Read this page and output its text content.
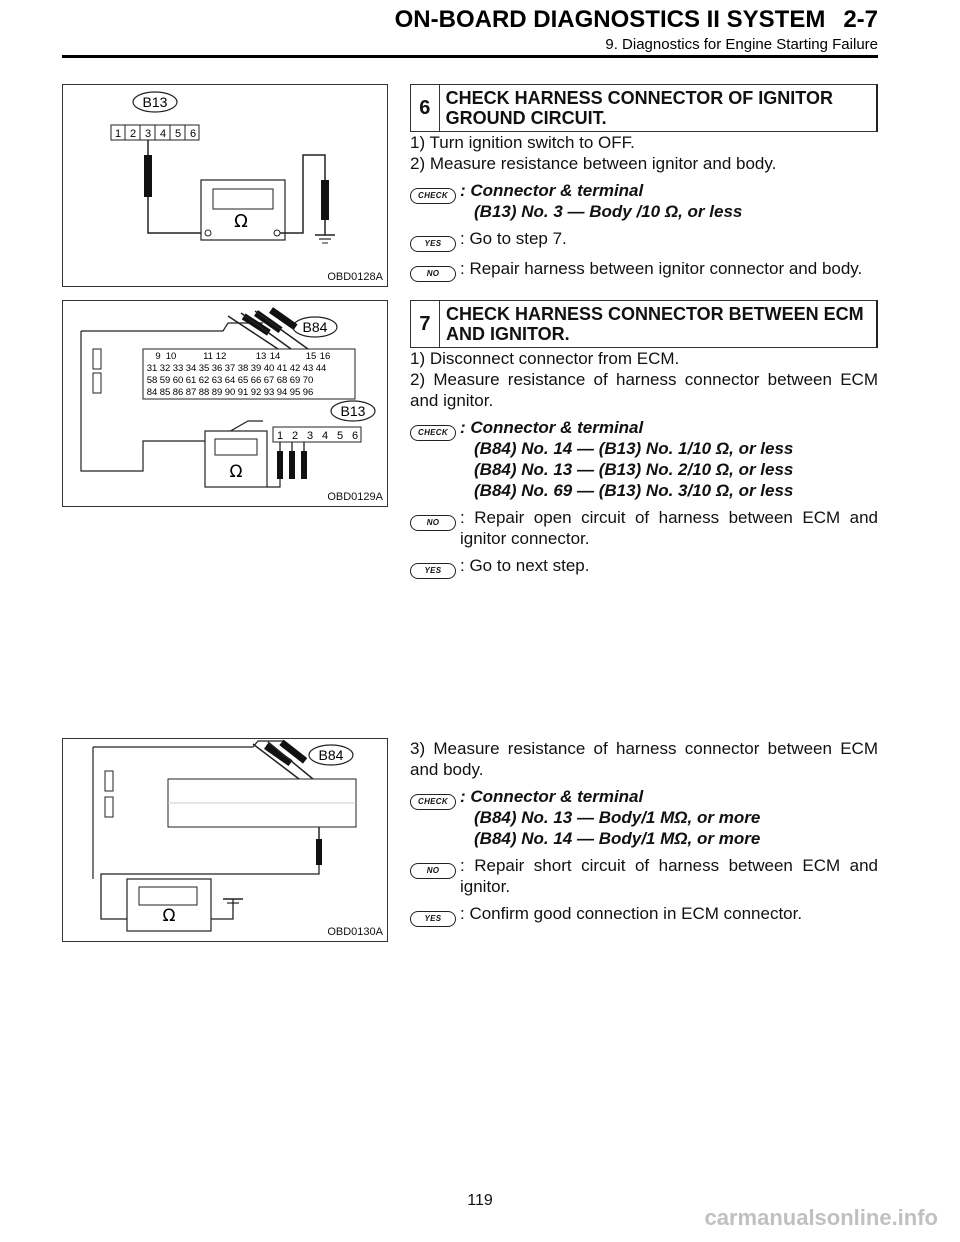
ON-BOARD DIAGNOSTICS II SYSTEM 2-7
9. Diagnostics for Engine Starting Failure
B13
1 2 3 4 5 6
Ω
OBD0128A
9 10	11 12	13 14	15 16
31 32 33 34 35 36 37 38 39 40 41 42 43 44
58 59 60 61 62 63 64 65 66 67 68 69 70
84 85 86 87 88 89 90 91 92 93 94 95 96
B84
B13
1 2 3 4 5 6
Ω
OBD0129A
B84
Ω
OBD0130A
6 CHECK HARNESS CONNECTOR OF IGNITOR GROUND CIRCUIT.

1) Turn ignition switch to OFF.

2) Measure resistance between ignitor and body.

CHECK : Connector & terminal
(B13) No. 3 — Body /10 Ω, or less
YES	: Go to step 7.
NO	: Repair harness between ignitor connector and body.
7 CHECK HARNESS CONNECTOR BETWEEN ECM AND IGNITOR.

1) Disconnect connector from ECM.

2) Measure resistance of harness connector between ECM and ignitor.

CHECK : Connector & terminal
(B84) No. 14 — (B13) No. 1/10 Ω, or less
(B84) No. 13 — (B13) No. 2/10 Ω, or less
(B84) No. 69 — (B13) No. 3/10 Ω, or less
NO	: Repair open circuit of harness between ECM and ignitor connector.
YES	: Go to next step.

3) Measure resistance of harness connector between ECM and body.

CHECK : Connector & terminal
(B84) No. 13 — Body/1 MΩ, or more
(B84) No. 14 — Body/1 MΩ, or more
NO	: Repair short circuit of harness between ECM and ignitor.
YES	: Confirm good connection in ECM connector.
119
carmanualsonline.info
